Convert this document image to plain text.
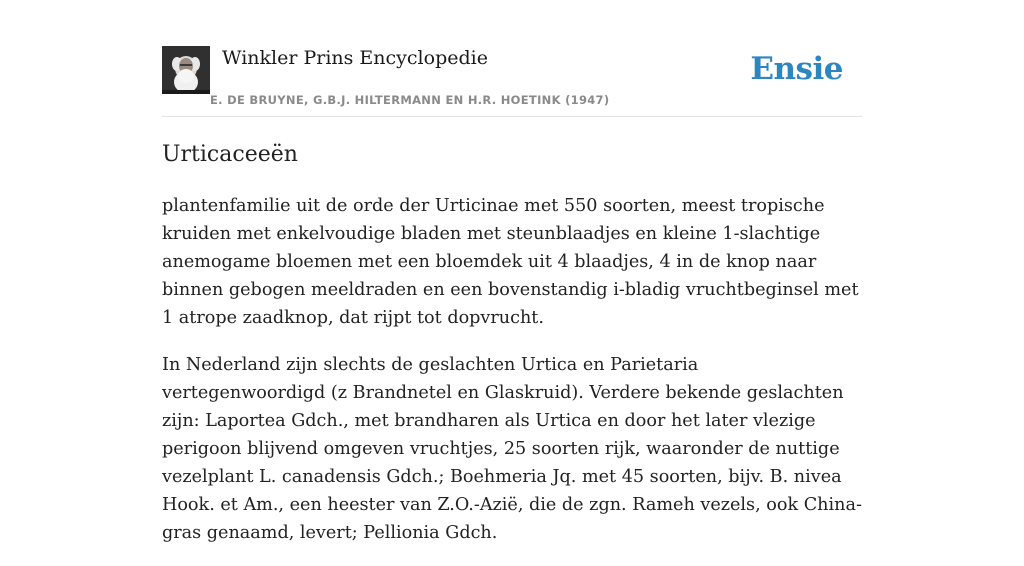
Winkler Prins Encyclopedie
E. DE BRUYNE, G.B.J. HILTERMANN EN H.R. HOETINK (1947)
Ensie
Urticaceeën

plantenfamilie uit de orde der Urticinae met 550 soorten, meest tropische kruiden met enkelvoudige bladen met steunblaadjes en kleine 1-slachtige anemogame bloemen met een bloemdek uit 4 blaadjes, 4 in de knop naar binnen gebogen meeldraden en een bovenstandig i-bladig vruchtbeginsel met 1 atrope zaadknop, dat rijpt tot dopvrucht.

In Nederland zijn slechts de geslachten Urtica en Parietaria vertegenwoordigd (z Brandnetel en Glaskruid). Verdere bekende geslachten zijn: Laportea Gdch., met brandharen als Urtica en door het later vlezige perigoon blijvend omgeven vruchtjes, 25 soorten rijk, waaronder de nuttige vezelplant L. canadensis Gdch.; Boehmeria Jq. met 45 soorten, bijv. B. nivea Hook. et Am., een heester van Z.O.-Azië, die de zgn. Rameh vezels, ook China-gras genaamd, levert; Pellionia Gdch.
